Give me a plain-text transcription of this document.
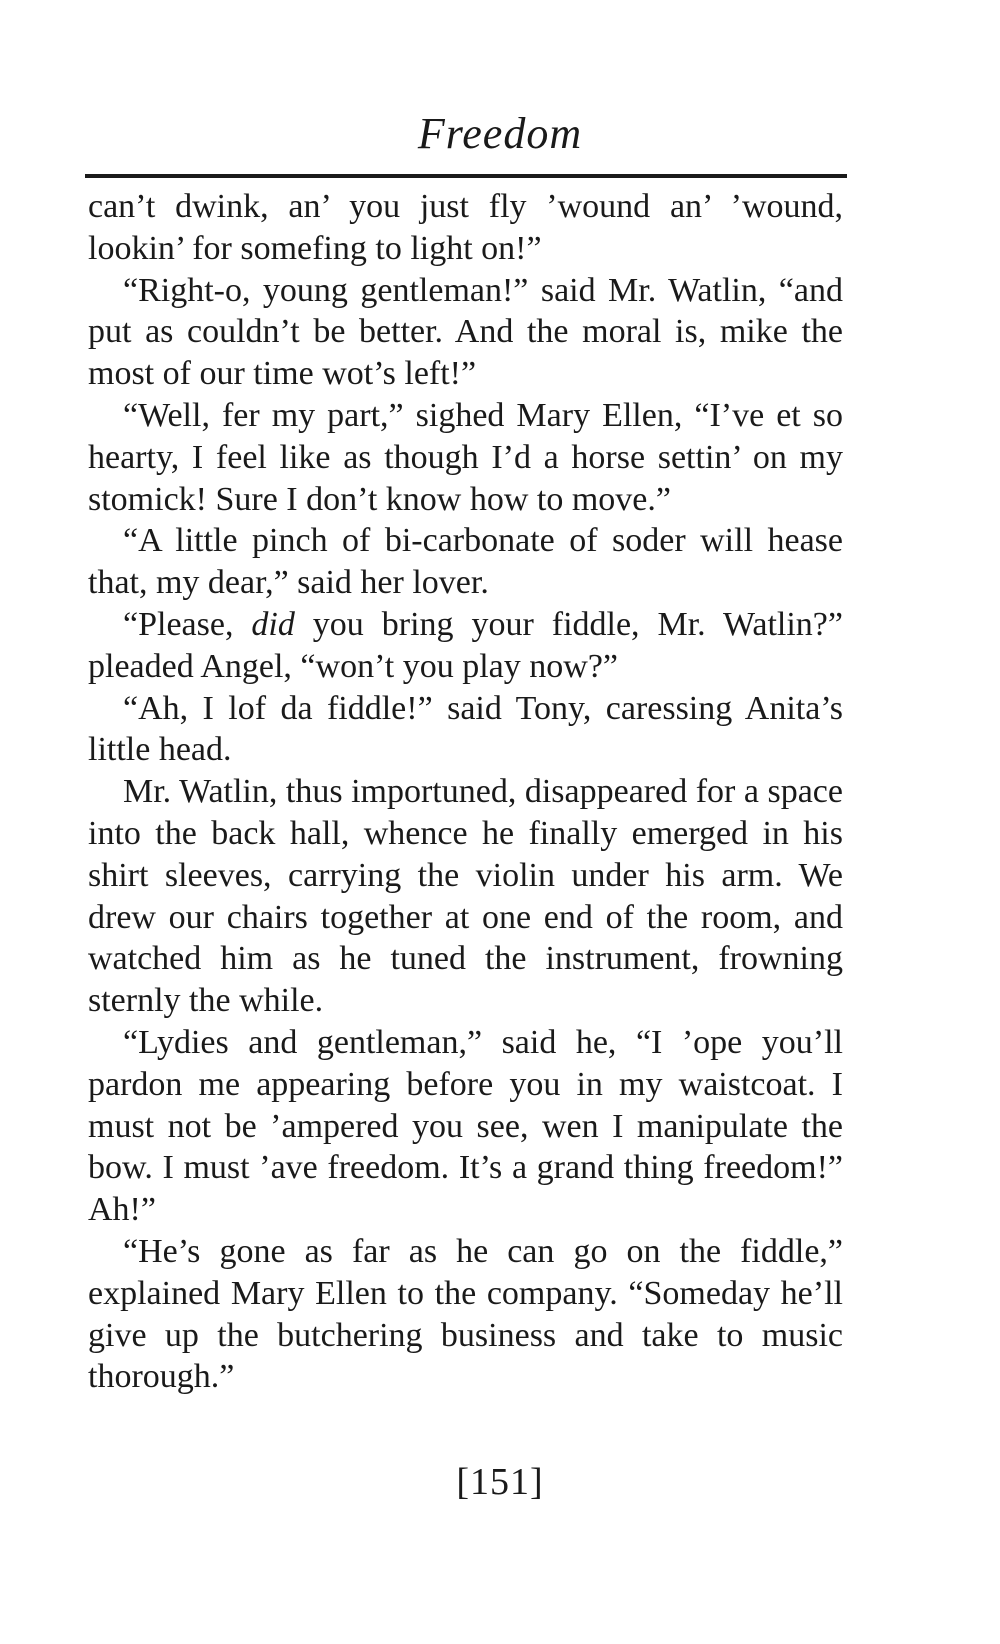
Freedom

can’t dwink, an’ you just fly ’wound an’ ’wound, lookin’ for somefing to light on!”

“Right-o, young gentleman!” said Mr. Watlin, “and put as couldn’t be better. And the moral is, mike the most of our time wot’s left!”

“Well, fer my part,” sighed Mary Ellen, “I’ve et so hearty, I feel like as though I’d a horse settin’ on my stomick! Sure I don’t know how to move.”

“A little pinch of bi-carbonate of soder will hease that, my dear,” said her lover.

“Please, did you bring your fiddle, Mr. Watlin?” pleaded Angel, “won’t you play now?”

“Ah, I lof da fiddle!” said Tony, caressing Anita’s little head.

Mr. Watlin, thus importuned, disappeared for a space into the back hall, whence he finally emerged in his shirt sleeves, carrying the violin under his arm. We drew our chairs together at one end of the room, and watched him as he tuned the instrument, frowning sternly the while.

“Lydies and gentleman,” said he, “I ’ope you’ll pardon me appearing before you in my waistcoat. I must not be ’ampered you see, wen I manipulate the bow. I must ’ave freedom. It’s a grand thing freedom!” Ah!”

“He’s gone as far as he can go on the fiddle,” explained Mary Ellen to the company. “Someday he’ll give up the butchering business and take to music thorough.”

[151]
